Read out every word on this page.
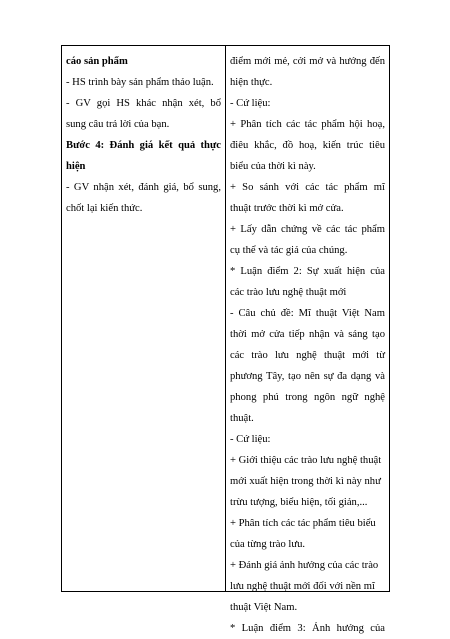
cáo sản phẩm
- HS trình bày sản phẩm thảo luận.
- GV gọi HS khác nhận xét, bổ
sung câu trả lời của bạn.
Bước 4: Đánh giá kết quả thực
hiện
- GV nhận xét, đánh giá, bổ sung,
chốt lại kiến thức.
điểm mới mẻ, cởi mở và hướng đến
hiện thực.
- Cứ liệu:
+ Phân tích các tác phẩm hội hoạ,
điêu khắc, đồ hoạ, kiến trúc tiêu
biểu của thời kì này.
+ So sánh với các tác phẩm mĩ
thuật trước thời kì mở cửa.
+ Lấy dẫn chứng về các tác phẩm
cụ thể và tác giả của chúng.
* Luận điểm 2: Sự xuất hiện của
các trào lưu nghệ thuật mới
- Câu chủ đề: Mĩ thuật Việt Nam
thời mở cửa tiếp nhận và sáng tạo
các trào lưu nghệ thuật mới từ
phương Tây, tạo nên sự đa dạng và
phong phú trong ngôn ngữ nghệ
thuật.
- Cứ liệu:
+ Giới thiệu các trào lưu nghệ thuật
mới xuất hiện trong thời kì này như
trừu tượng, biểu hiện, tối giản,...
+ Phân tích các tác phẩm tiêu biểu
của từng trào lưu.
+ Đánh giá ảnh hưởng của các trào
lưu nghệ thuật mới đối với nền mĩ
thuật Việt Nam.
* Luận điểm 3: Ảnh hưởng của
